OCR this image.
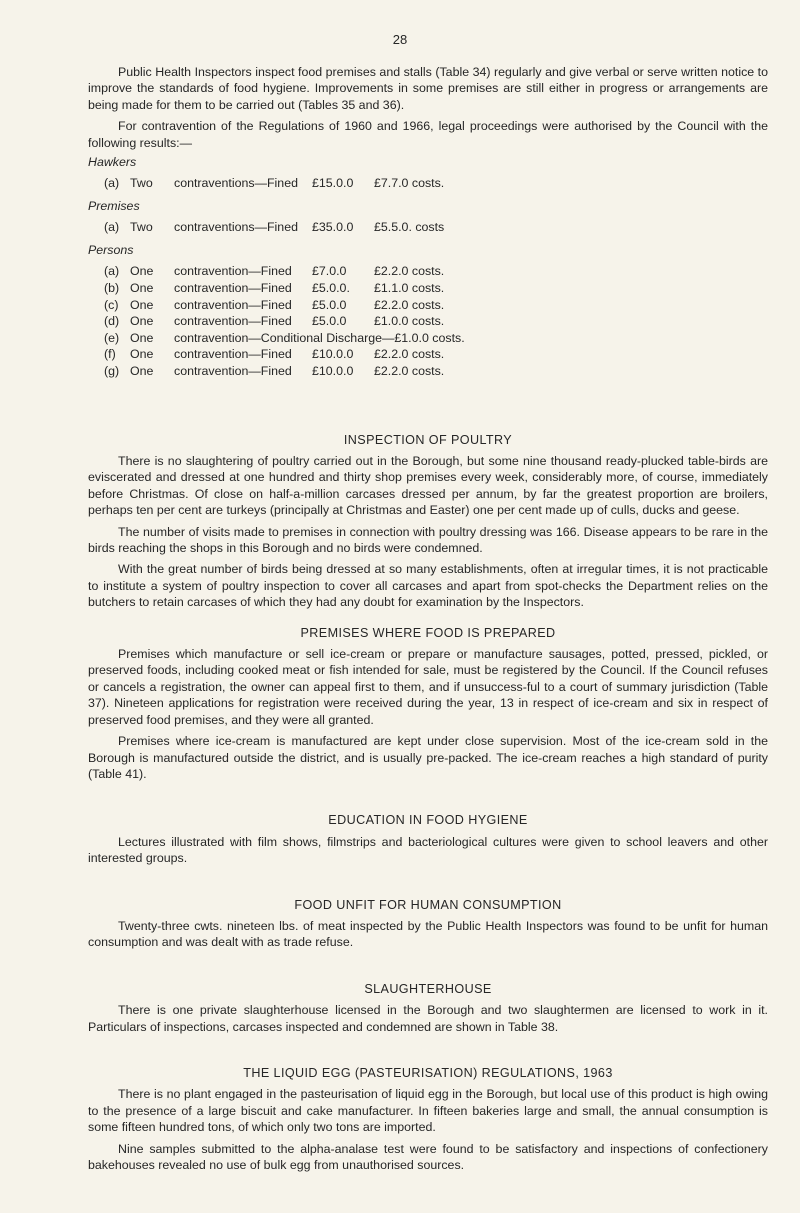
28

Public Health Inspectors inspect food premises and stalls (Table 34) regularly and give verbal or serve written notice to improve the standards of food hygiene. Improvements in some premises are still either in progress or arrangements are being made for them to be carried out (Tables 35 and 36).

For contravention of the Regulations of 1960 and 1966, legal proceedings were authorised by the Council with the following results:—

Hawkers
(a) Two	contraventions—Fined	£15.0.0	£7.7.0 costs.
Premises
(a) Two	contraventions—Fined	£35.0.0	£5.5.0. costs
Persons
(a) One	contravention—Fined	£7.0.0	£2.2.0 costs.
(b) One	contravention—Fined	£5.0.0.	£1.1.0 costs.
(c) One	contravention—Fined	£5.0.0	£2.2.0 costs.
(d) One	contravention—Fined	£5.0.0	£1.0.0 costs.
(e) One	contravention—Conditional Discharge—£1.0.0 costs.
(f)	One	contravention—Fined	£10.0.0	£2.2.0 costs.
(g) One	contravention—Fined	£10.0.0	£2.2.0 costs.
INSPECTION OF POULTRY

There is no slaughtering of poultry carried out in the Borough, but some nine thousand ready-plucked table-birds are eviscerated and dressed at one hundred and thirty shop premises every week, considerably more, of course, immediately before Christmas. Of close on half-a-million carcases dressed per annum, by far the greatest proportion are broilers, perhaps ten per cent are turkeys (principally at Christmas and Easter) one per cent made up of culls, ducks and geese.

The number of visits made to premises in connection with poultry dressing was 166. Disease appears to be rare in the birds reaching the shops in this Borough and no birds were condemned.

With the great number of birds being dressed at so many establishments, often at irregular times, it is not practicable to institute a system of poultry inspection to cover all carcases and apart from spot-checks the Department relies on the butchers to retain carcases of which they had any doubt for examination by the Inspectors.

PREMISES WHERE FOOD IS PREPARED

Premises which manufacture or sell ice-cream or prepare or manufacture sausages, potted, pressed, pickled, or preserved foods, including cooked meat or fish intended for sale, must be registered by the Council. If the Council refuses or cancels a registration, the owner can appeal first to them, and if unsuccess-ful to a court of summary jurisdiction (Table 37). Nineteen applications for registration were received during the year, 13 in respect of ice-cream and six in respect of preserved food premises, and they were all granted.

Premises where ice-cream is manufactured are kept under close supervision. Most of the ice-cream sold in the Borough is manufactured outside the district, and is usually pre-packed. The ice-cream reaches a high standard of purity (Table 41).

EDUCATION IN FOOD HYGIENE

Lectures illustrated with film shows, filmstrips and bacteriological cultures were given to school leavers and other interested groups.

FOOD UNFIT FOR HUMAN CONSUMPTION

Twenty-three cwts. nineteen lbs. of meat inspected by the Public Health Inspectors was found to be unfit for human consumption and was dealt with as trade refuse.

SLAUGHTERHOUSE

There is one private slaughterhouse licensed in the Borough and two slaughtermen are licensed to work in it. Particulars of inspections, carcases inspected and condemned are shown in Table 38.

THE LIQUID EGG (PASTEURISATION) REGULATIONS, 1963

There is no plant engaged in the pasteurisation of liquid egg in the Borough, but local use of this product is high owing to the presence of a large biscuit and cake manufacturer. In fifteen bakeries large and small, the annual consumption is some fifteen hundred tons, of which only two tons are imported.

Nine samples submitted to the alpha-analase test were found to be satisfactory and inspections of confectionery bakehouses revealed no use of bulk egg from unauthorised sources.
